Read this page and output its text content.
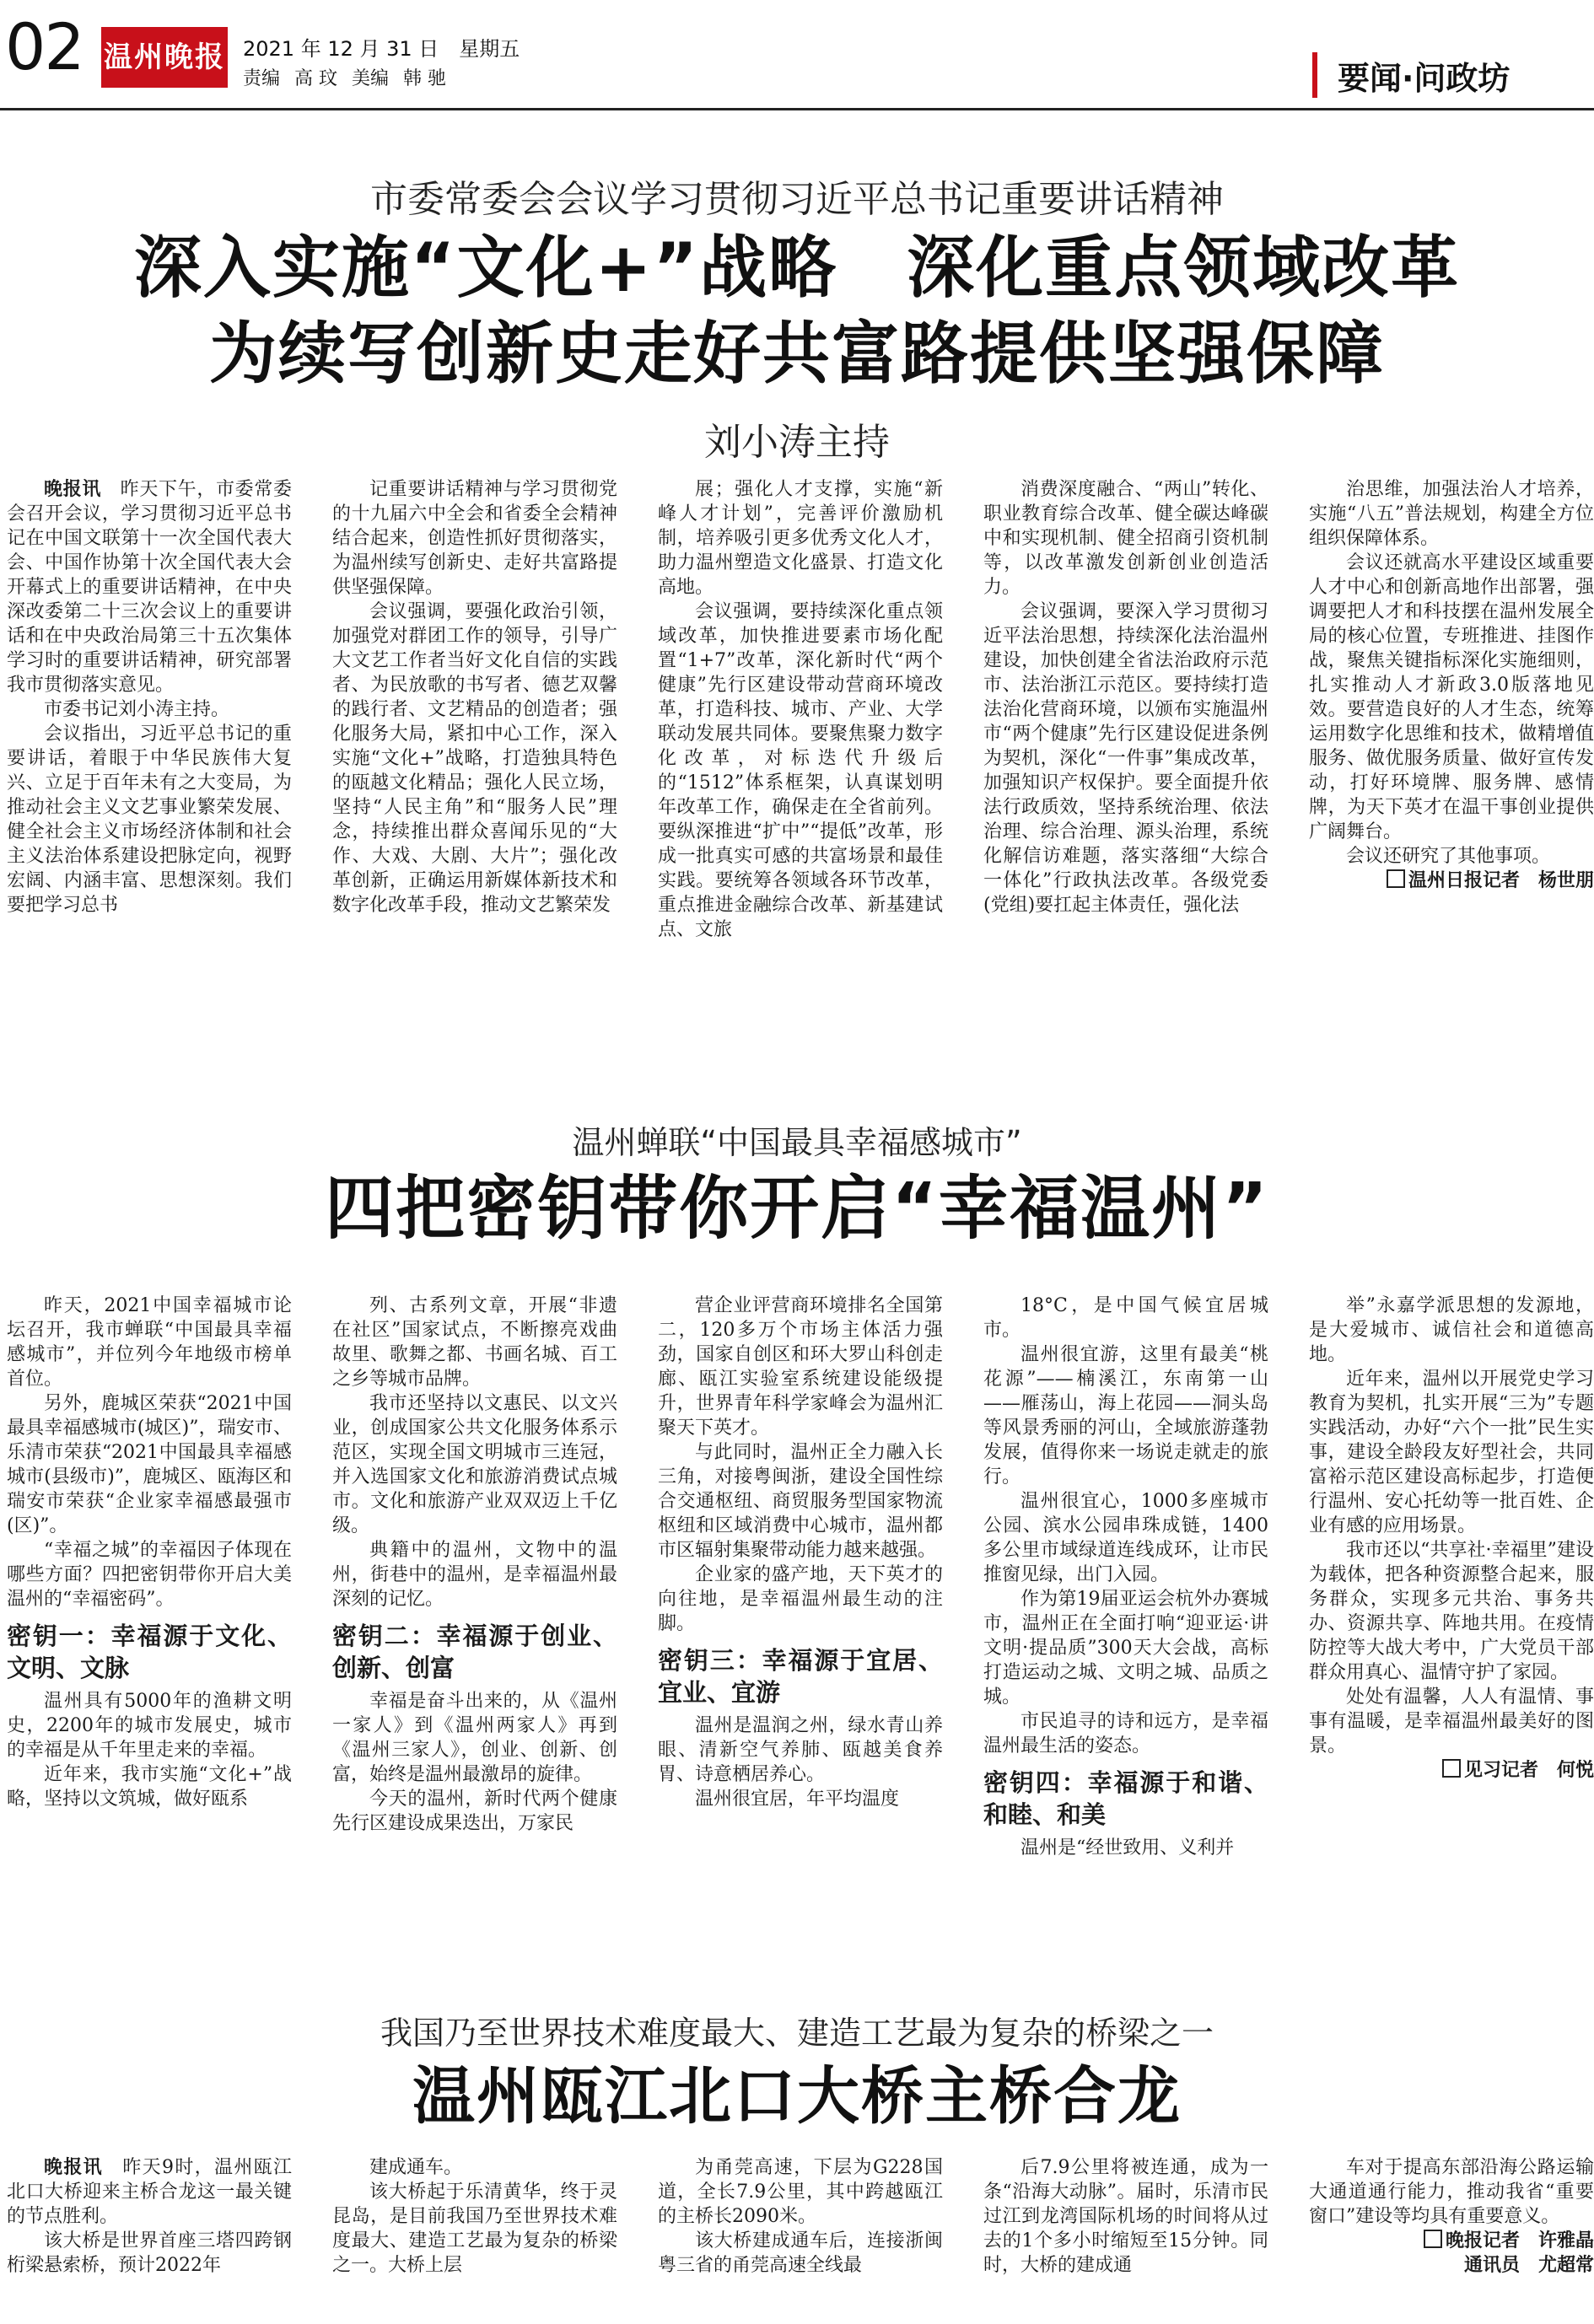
02 温州晚报 2021 年 12 月 31 日　星期五
责编 高 玟 美编 韩 驰	要闻·问政坊
市委常委会会议学习贯彻习近平总书记重要讲话精神
深入实施“文化+”战略　深化重点领域改革
为续写创新史走好共富路提供坚强保障
刘小涛主持

晚报讯　昨天下午，市委常委会召开会议，学习贯彻习近平总书记在中国文联第十一次全国代表大会、中国作协第十次全国代表大会开幕式上的重要讲话精神，在中央深改委第二十三次会议上的重要讲话和在中央政治局第三十五次集体学习时的重要讲话精神，研究部署我市贯彻落实意见。

市委书记刘小涛主持。

会议指出，习近平总书记的重要讲话，着眼于中华民族伟大复兴、立足于百年未有之大变局，为推动社会主义文艺事业繁荣发展、健全社会主义市场经济体制和社会主义法治体系建设把脉定向，视野宏阔、内涵丰富、思想深刻。我们要把学习总书

记重要讲话精神与学习贯彻党的十九届六中全会和省委全会精神结合起来，创造性抓好贯彻落实，为温州续写创新史、走好共富路提供坚强保障。

会议强调，要强化政治引领，加强党对群团工作的领导，引导广大文艺工作者当好文化自信的实践者、为民放歌的书写者、德艺双馨的践行者、文艺精品的创造者；强化服务大局，紧扣中心工作，深入实施“文化+”战略，打造独具特色的瓯越文化精品；强化人民立场，坚持“人民主角”和“服务人民”理念，持续推出群众喜闻乐见的“大作、大戏、大剧、大片”；强化改革创新，正确运用新媒体新技术和数字化改革手段，推动文艺繁荣发

展；强化人才支撑，实施“新峰人才计划”，完善评价激励机制，培养吸引更多优秀文化人才，助力温州塑造文化盛景、打造文化高地。

会议强调，要持续深化重点领域改革，加快推进要素市场化配置“1+7”改革，深化新时代“两个健康”先行区建设带动营商环境改革，打造科技、城市、产业、大学联动发展共同体。要聚焦聚力数字化改革，对标迭代升级后的“1512”体系框架，认真谋划明年改革工作，确保走在全省前列。要纵深推进“扩中”“提低”改革，形成一批真实可感的共富场景和最佳实践。要统筹各领域各环节改革，重点推进金融综合改革、新基建试点、文旅

消费深度融合、“两山”转化、职业教育综合改革、健全碳达峰碳中和实现机制、健全招商引资机制等，以改革激发创新创业创造活力。

会议强调，要深入学习贯彻习近平法治思想，持续深化法治温州建设，加快创建全省法治政府示范市、法治浙江示范区。要持续打造法治化营商环境，以颁布实施温州市“两个健康”先行区建设促进条例为契机，深化“一件事”集成改革，加强知识产权保护。要全面提升依法行政质效，坚持系统治理、依法治理、综合治理、源头治理，系统化解信访难题，落实落细“大综合一体化”行政执法改革。各级党委(党组)要扛起主体责任，强化法

治思维，加强法治人才培养，实施“八五”普法规划，构建全方位组织保障体系。

会议还就高水平建设区域重要人才中心和创新高地作出部署，强调要把人才和科技摆在温州发展全局的核心位置，专班推进、挂图作战，聚焦关键指标深化实施细则，扎实推动人才新政3.0版落地见效。要营造良好的人才生态，统筹运用数字化思维和技术，做精增值服务、做优服务质量、做好宣传发动，打好环境牌、服务牌、感情牌，为天下英才在温干事创业提供广阔舞台。

会议还研究了其他事项。

温州日报记者　杨世朋
温州蝉联“中国最具幸福感城市”
四把密钥带你开启“幸福温州”

昨天，2021中国幸福城市论坛召开，我市蝉联“中国最具幸福感城市”，并位列今年地级市榜单首位。

另外，鹿城区荣获“2021中国最具幸福感城市(城区)”，瑞安市、乐清市荣获“2021中国最具幸福感城市(县级市)”，鹿城区、瓯海区和瑞安市荣获“企业家幸福感最强市(区)”。

“幸福之城”的幸福因子体现在哪些方面？四把密钥带你开启大美温州的“幸福密码”。

密钥一：幸福源于文化、文明、文脉

温州具有5000年的渔耕文明史，2200年的城市发展史，城市的幸福是从千年里走来的幸福。

近年来，我市实施“文化+”战略，坚持以文筑城，做好瓯系

列、古系列文章，开展“非遗在社区”国家试点，不断擦亮戏曲故里、歌舞之都、书画名城、百工之乡等城市品牌。

我市还坚持以文惠民、以文兴业，创成国家公共文化服务体系示范区，实现全国文明城市三连冠，并入选国家文化和旅游消费试点城市。文化和旅游产业双双迈上千亿级。

典籍中的温州，文物中的温州，街巷中的温州，是幸福温州最深刻的记忆。

密钥二：幸福源于创业、创新、创富

幸福是奋斗出来的，从《温州一家人》到《温州两家人》再到《温州三家人》，创业、创新、创富，始终是温州最激昂的旋律。

今天的温州，新时代两个健康先行区建设成果迭出，万家民

营企业评营商环境排名全国第二，120多万个市场主体活力强劲，国家自创区和环大罗山科创走廊、瓯江实验室系统建设能级提升，世界青年科学家峰会为温州汇聚天下英才。

与此同时，温州正全力融入长三角，对接粤闽浙，建设全国性综合交通枢纽、商贸服务型国家物流枢纽和区域消费中心城市，温州都市区辐射集聚带动能力越来越强。

企业家的盛产地，天下英才的向往地，是幸福温州最生动的注脚。

密钥三：幸福源于宜居、宜业、宜游

温州是温润之州，绿水青山养眼、清新空气养肺、瓯越美食养胃、诗意栖居养心。

温州很宜居，年平均温度

18°C，是中国气候宜居城市。

温州很宜游，这里有最美“桃花源”——楠溪江，东南第一山——雁荡山，海上花园——洞头岛等风景秀丽的河山，全域旅游蓬勃发展，值得你来一场说走就走的旅行。

温州很宜心，1000多座城市公园、滨水公园串珠成链，1400多公里市域绿道连线成环，让市民推窗见绿，出门入园。

作为第19届亚运会杭外办赛城市，温州正在全面打响“迎亚运·讲文明·提品质”300天大会战，高标打造运动之城、文明之城、品质之城。

市民追寻的诗和远方，是幸福温州最生活的姿态。

密钥四：幸福源于和谐、和睦、和美

温州是“经世致用、义利并

举”永嘉学派思想的发源地，是大爱城市、诚信社会和道德高地。

近年来，温州以开展党史学习教育为契机，扎实开展“三为”专题实践活动，办好“六个一批”民生实事，建设全龄段友好型社会，共同富裕示范区建设高标起步，打造便行温州、安心托幼等一批百姓、企业有感的应用场景。

我市还以“共享社·幸福里”建设为载体，把各种资源整合起来，服务群众，实现多元共治、事务共办、资源共享、阵地共用。在疫情防控等大战大考中，广大党员干部群众用真心、温情守护了家园。

处处有温馨，人人有温情、事事有温暖，是幸福温州最美好的图景。

见习记者　何悦
我国乃至世界技术难度最大、建造工艺最为复杂的桥梁之一
温州瓯江北口大桥主桥合龙

晚报讯　昨天9时，温州瓯江北口大桥迎来主桥合龙这一最关键的节点胜利。

该大桥是世界首座三塔四跨钢桁梁悬索桥，预计2022年

建成通车。

该大桥起于乐清黄华，终于灵昆岛，是目前我国乃至世界技术难度最大、建造工艺最为复杂的桥梁之一。大桥上层

为甬莞高速，下层为G228国道，全长7.9公里，其中跨越瓯江的主桥长2090米。

该大桥建成通车后，连接浙闽粤三省的甬莞高速全线最

后7.9公里将被连通，成为一条“沿海大动脉”。届时，乐清市民过江到龙湾国际机场的时间将从过去的1个多小时缩短至15分钟。同时，大桥的建成通

车对于提高东部沿海公路运输大通道通行能力，推动我省“重要窗口”建设等均具有重要意义。

晚报记者　许雅晶
通讯员　尤超常
